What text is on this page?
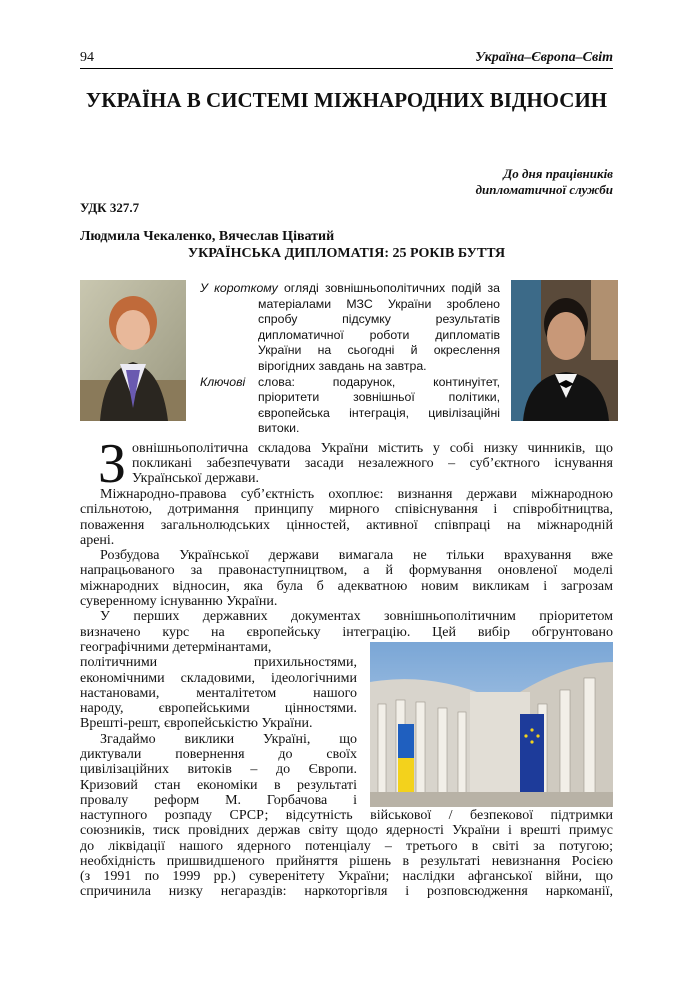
94	Україна–Європа–Світ
УКРАЇНА В СИСТЕМІ МІЖНАРОДНИХ ВІДНОСИН
До дня працівників
дипломатичної служби
УДК 327.7
Людмила Чекаленко, Вячеслав Цiватий
УКРАЇНСЬКА ДИПЛОМАТІЯ: 25 РОКІВ БУТТЯ
У короткому огляді зовнішньополітичних подій за
матеріалами МЗС України зроблено
спробу підсумку результатів
дипломатичної роботи дипломатів
України на сьогодні й окреслення
вірогідних завдань на завтра.
Ключові	слова: подарунок, континуітет,
пріоритети зовнішньої політики,
європейська інтеграція, цивілізаційні
витоки.
З овнішньополітична складова України містить у собі низку чинників, що
покликані забезпечувати засади незалежного – суб’єктного існування
Української держави.
Міжнародно-правова суб’єктність охоплює: визнання держави міжнародною
спільнотою, дотримання принципу мирного співіснування і співробітництва,
поваження загальнолюдських цінностей, активної співпраці на міжнародній
арені.
Розбудова Української держави вимагала не тільки врахування вже
напрацьованого за правонаступництвом, а й формування оновленої моделі
міжнародних відносин, яка була б адекватною новим викликам і загрозам
суверенному існуванню України.
У перших державних документах зовнішньополітичним пріоритетом
визначено курс на європейську інтеграцію. Цей вибір обгрунтовано
географічними детермінантами,
політичними прихильностями,
економічними складовими, ідеологічними
настановами, менталітетом нашого
народу, європейськими цінностями.
Врешті-решт, європейськістю України.
Згадаймо виклики Україні, що
диктували повернення до своїх
цивілізаційних витоків – до Європи.
Кризовий стан економіки в результаті
провалу реформ М. Горбачова і
наступного розпаду СРСР; відсутність військової / безпекової підтримки
союзників, тиск провідних держав світу щодо ядерності України і врешті примус
до ліквідації нашого ядерного потенціалу – третього в світі за потугою;
необхідність пришвидшеного прийняття рішень в результаті невизнання Росією
(з 1991 по 1999 рр.) суверенітету України; наслідки афганської війни, що
спричинила низку негараздів: наркоторгівля і розповсюдження наркоманії,
